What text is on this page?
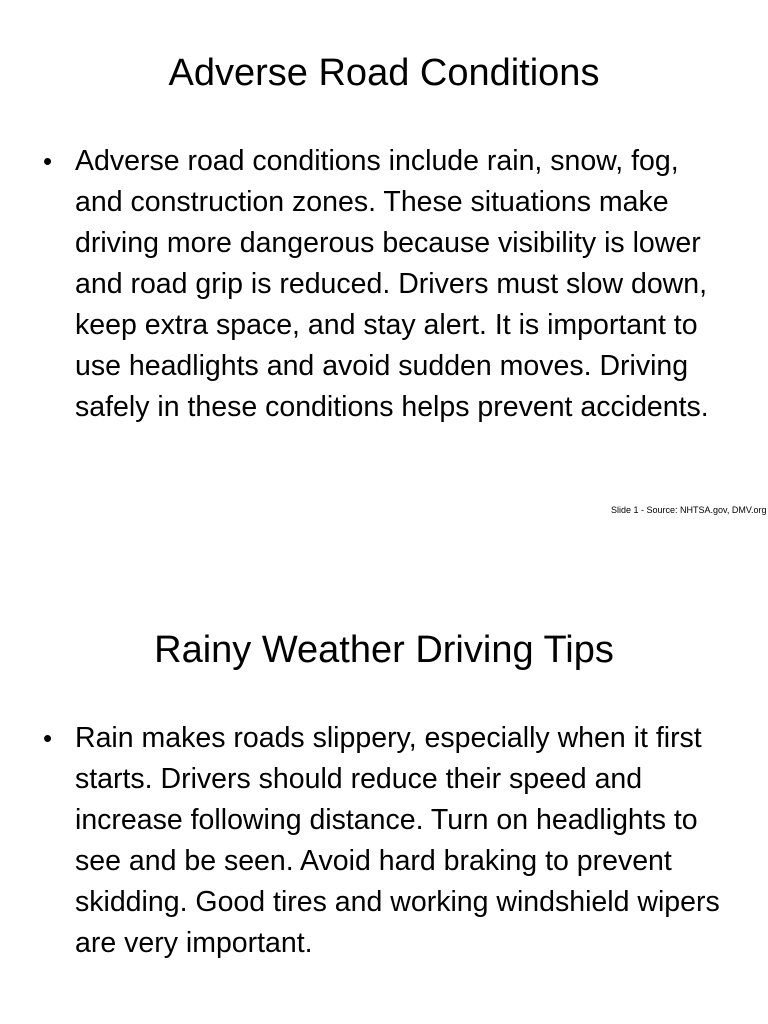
Adverse Road Conditions
• Adverse road conditions include rain, snow, fog, and construction zones. These situations make driving more dangerous because visibility is lower and road grip is reduced. Drivers must slow down, keep extra space, and stay alert. It is important to use headlights and avoid sudden moves. Driving safely in these conditions helps prevent accidents.
Slide 1 - Source: NHTSA.gov, DMV.org
Rainy Weather Driving Tips
• Rain makes roads slippery, especially when it first starts. Drivers should reduce their speed and increase following distance. Turn on headlights to see and be seen. Avoid hard braking to prevent skidding. Good tires and working windshield wipers are very important.
